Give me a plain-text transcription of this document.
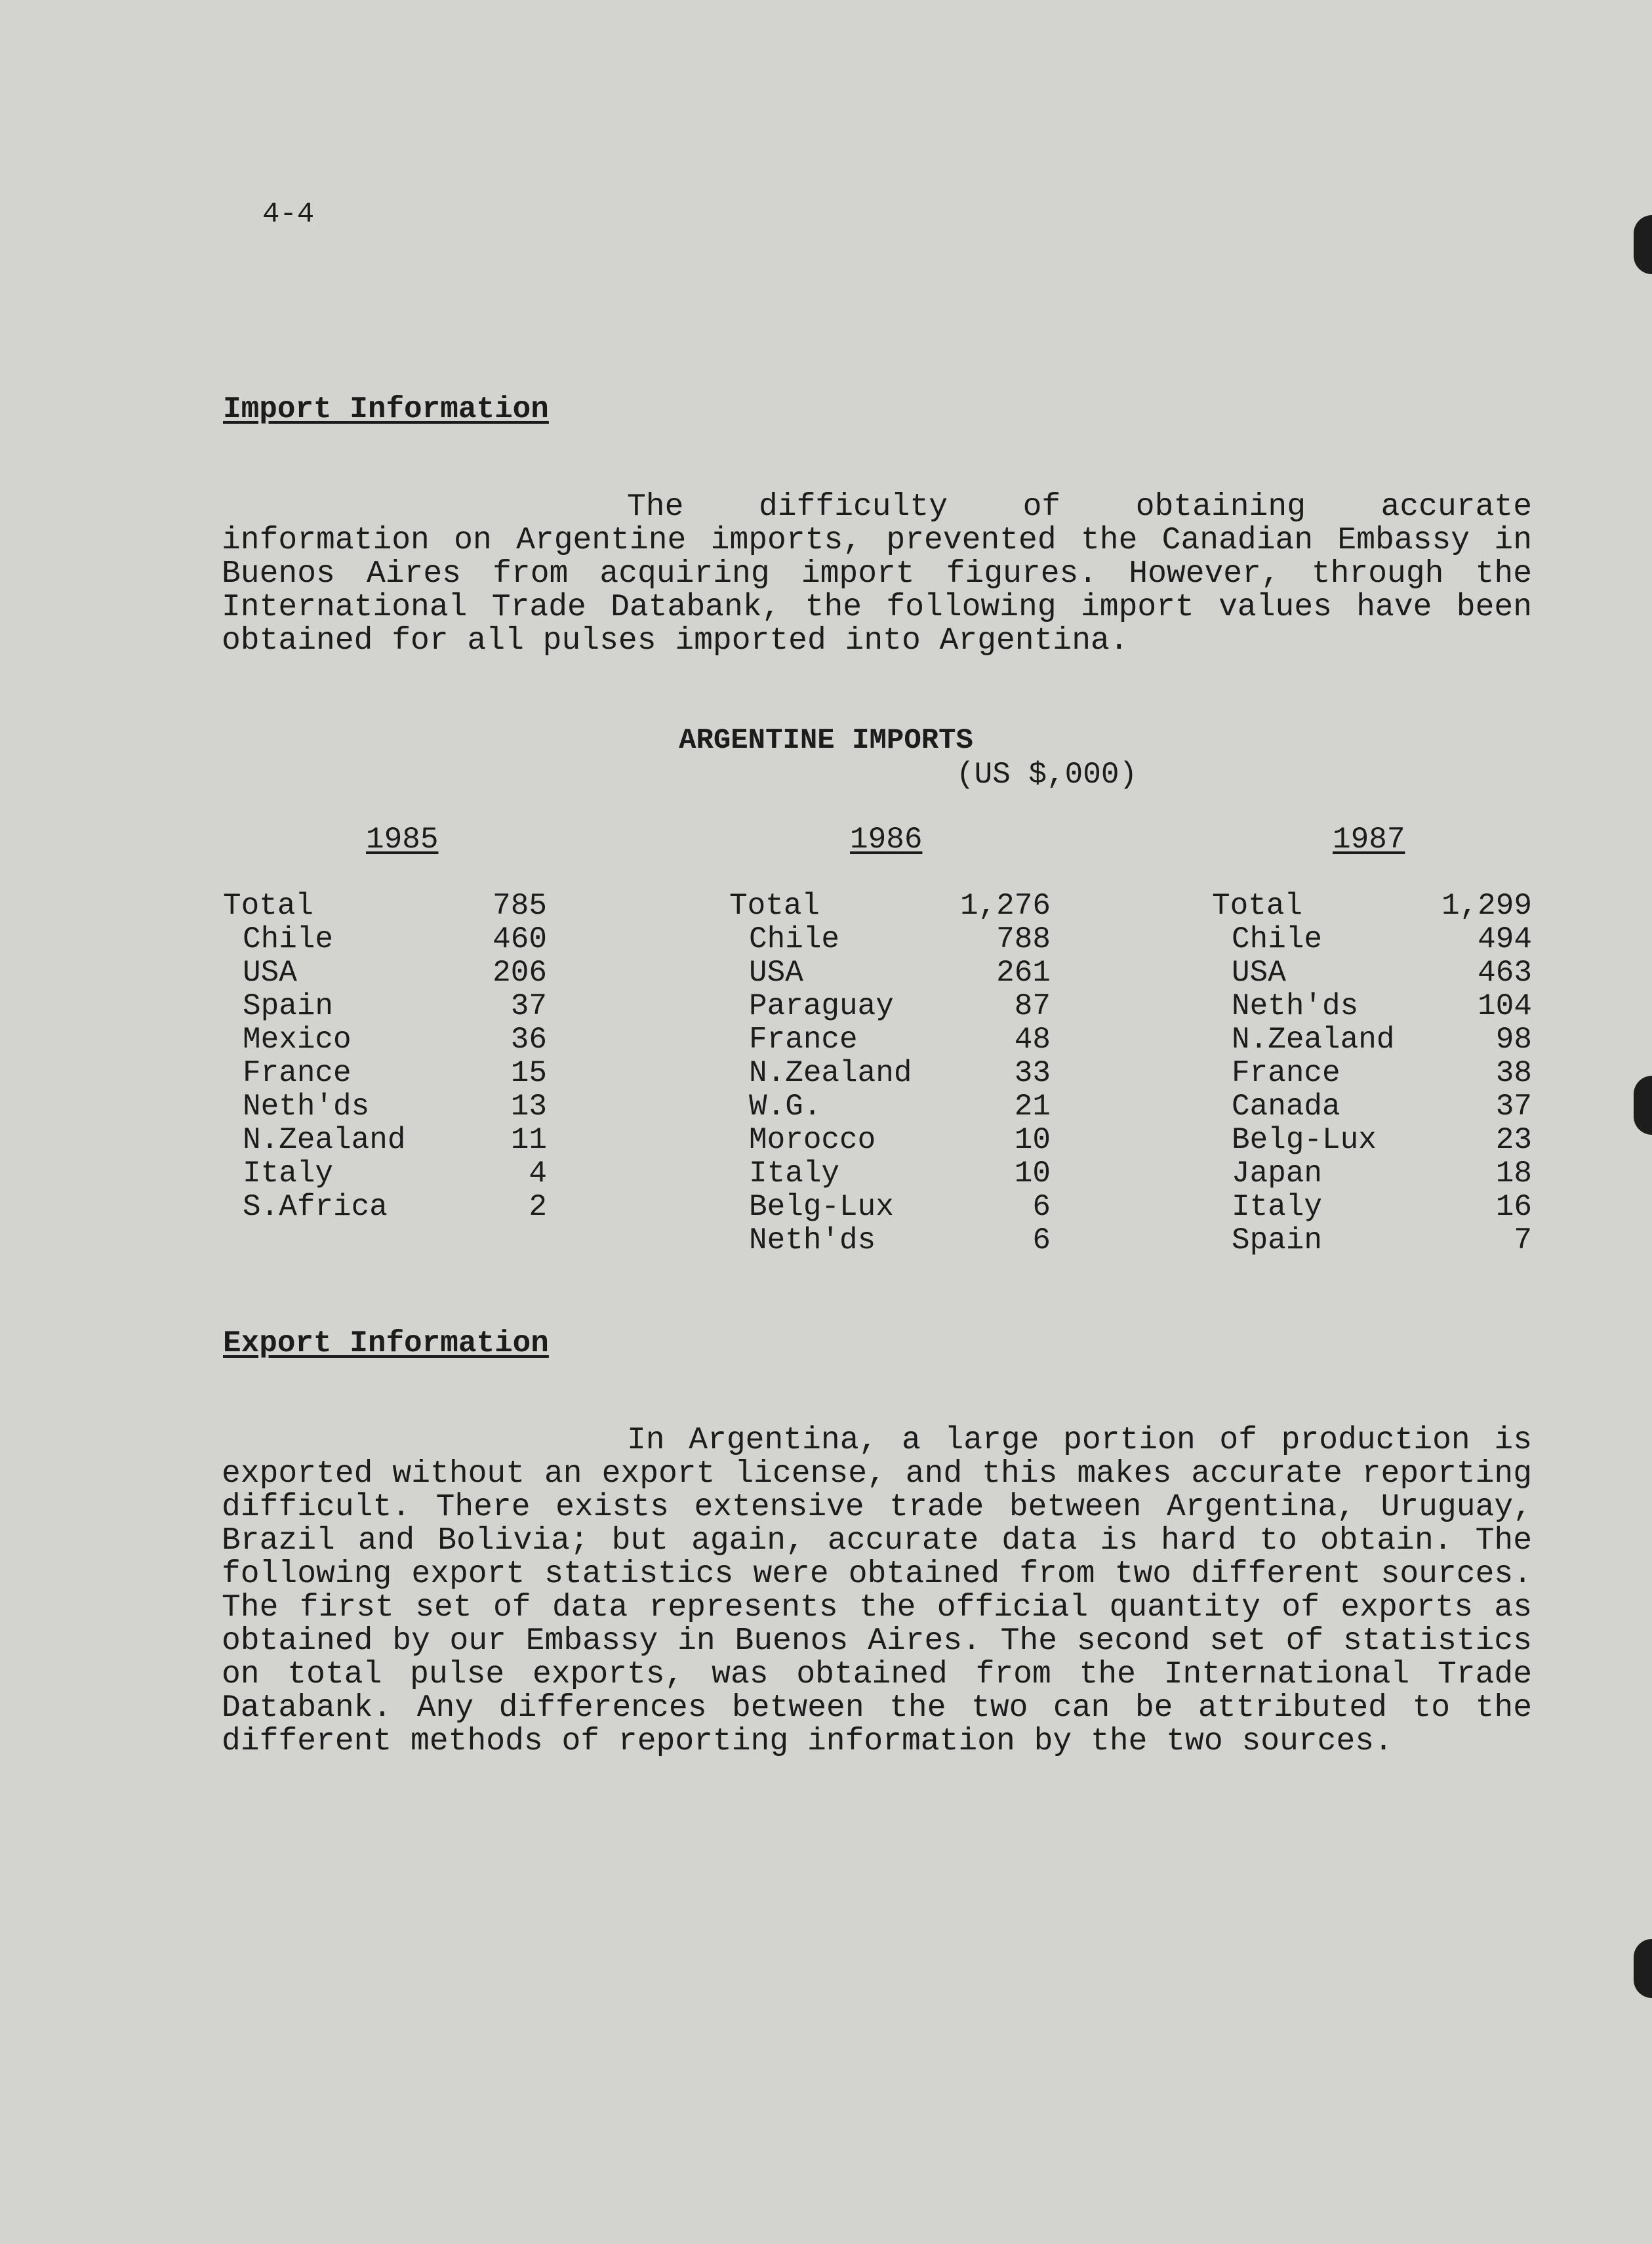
4-4
Import Information
The difficulty of obtaining accurate information on Argentine imports, prevented the Canadian Embassy in Buenos Aires from acquiring import figures. However, through the International Trade Databank, the following import values have been obtained for all pulses imported into Argentina.
ARGENTINE IMPORTS
(US $,000)
1985
Total	785
Chile	460
USA	206
Spain	37
Mexico	36
France	15
Neth'ds	13
N.Zealand	11
Italy	4
S.Africa	2
1986
Total	1,276
Chile	788
USA	261
Paraguay	87
France	48
N.Zealand	33
W.G.	21
Morocco	10
Italy	10
Belg-Lux	6
Neth'ds	6
1987
Total	1,299
Chile	494
USA	463
Neth'ds	104
N.Zealand	98
France	38
Canada	37
Belg-Lux	23
Japan	18
Italy	16
Spain	7
Export Information
In Argentina, a large portion of production is exported without an export license, and this makes accurate reporting difficult. There exists extensive trade between Argentina, Uruguay, Brazil and Bolivia; but again, accurate data is hard to obtain. The following export statistics were obtained from two different sources. The first set of data represents the official quantity of exports as obtained by our Embassy in Buenos Aires. The second set of statistics on total pulse exports, was obtained from the International Trade Databank. Any differences between the two can be attributed to the different methods of reporting information by the two sources.
